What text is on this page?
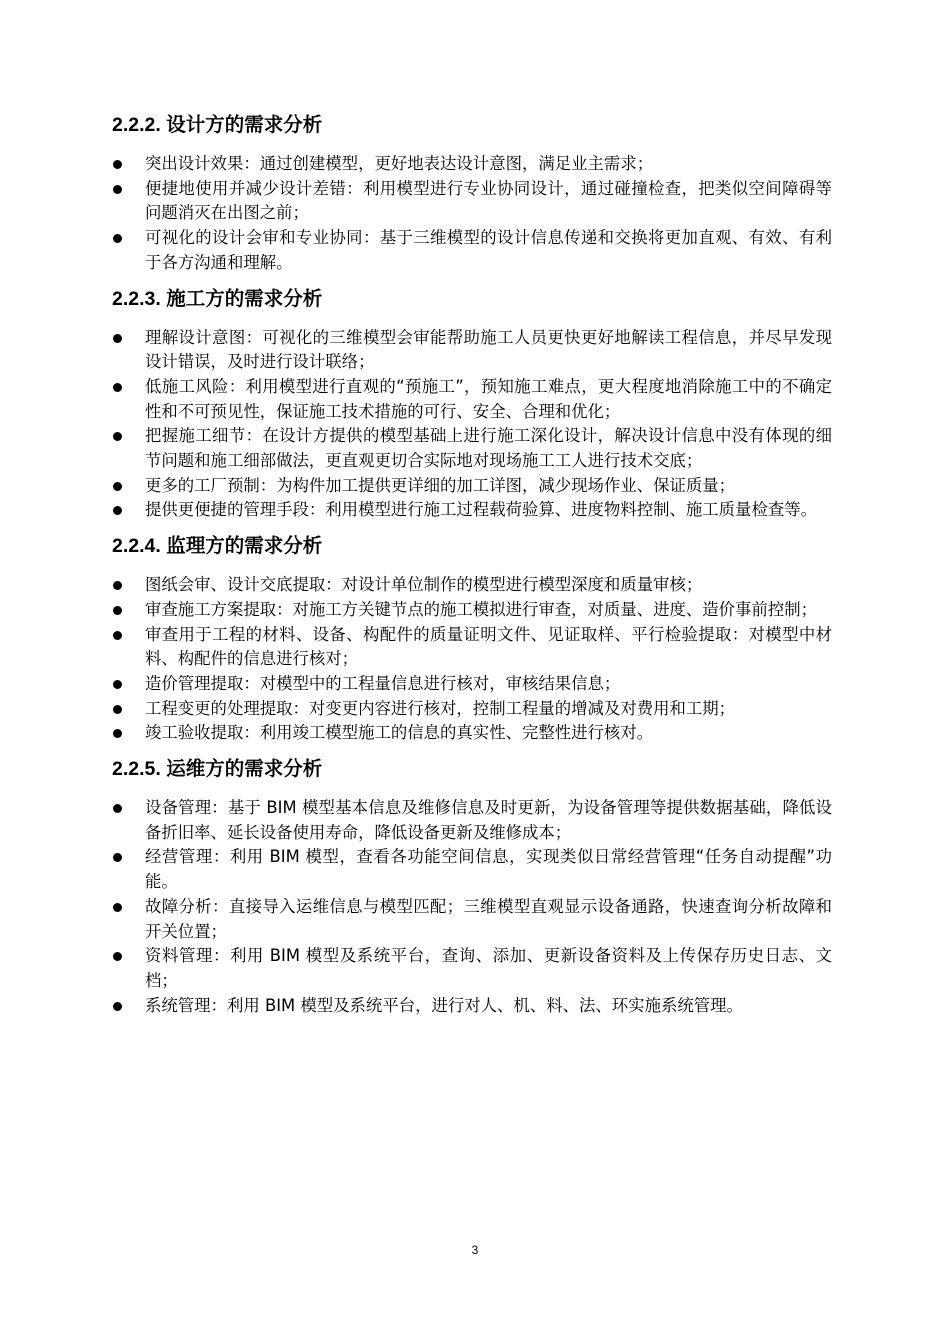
2.2.2. 设计方的需求分析
突出设计效果：通过创建模型，更好地表达设计意图，满足业主需求；
便捷地使用并减少设计差错：利用模型进行专业协同设计，通过碰撞检查，把类似空间障碍等问题消灭在出图之前；
可视化的设计会审和专业协同：基于三维模型的设计信息传递和交换将更加直观、有效、有利于各方沟通和理解。
2.2.3. 施工方的需求分析
理解设计意图：可视化的三维模型会审能帮助施工人员更快更好地解读工程信息，并尽早发现设计错误，及时进行设计联络；
低施工风险：利用模型进行直观的“预施工”，预知施工难点，更大程度地消除施工中的不确定性和不可预见性，保证施工技术措施的可行、安全、合理和优化；
把握施工细节：在设计方提供的模型基础上进行施工深化设计，解决设计信息中没有体现的细节问题和施工细部做法，更直观更切合实际地对现场施工工人进行技术交底；
更多的工厂预制：为构件加工提供更详细的加工详图，减少现场作业、保证质量；
提供更便捷的管理手段：利用模型进行施工过程载荷验算、进度物料控制、施工质量检查等。
2.2.4. 监理方的需求分析
图纸会审、设计交底提取：对设计单位制作的模型进行模型深度和质量审核；
审查施工方案提取：对施工方关键节点的施工模拟进行审查，对质量、进度、造价事前控制；
审查用于工程的材料、设备、构配件的质量证明文件、见证取样、平行检验提取：对模型中材料、构配件的信息进行核对；
造价管理提取：对模型中的工程量信息进行核对，审核结果信息；
工程变更的处理提取：对变更内容进行核对，控制工程量的增减及对费用和工期；
竣工验收提取：利用竣工模型施工的信息的真实性、完整性进行核对。
2.2.5. 运维方的需求分析
设备管理：基于 BIM 模型基本信息及维修信息及时更新，为设备管理等提供数据基础，降低设备折旧率、延长设备使用寿命，降低设备更新及维修成本；
经营管理：利用 BIM 模型，查看各功能空间信息，实现类似日常经营管理“任务自动提醒”功能。
故障分析：直接导入运维信息与模型匹配；三维模型直观显示设备通路，快速查询分析故障和开关位置；
资料管理：利用 BIM 模型及系统平台，查询、添加、更新设备资料及上传保存历史日志、文档；
系统管理：利用 BIM 模型及系统平台，进行对人、机、料、法、环实施系统管理。
3
